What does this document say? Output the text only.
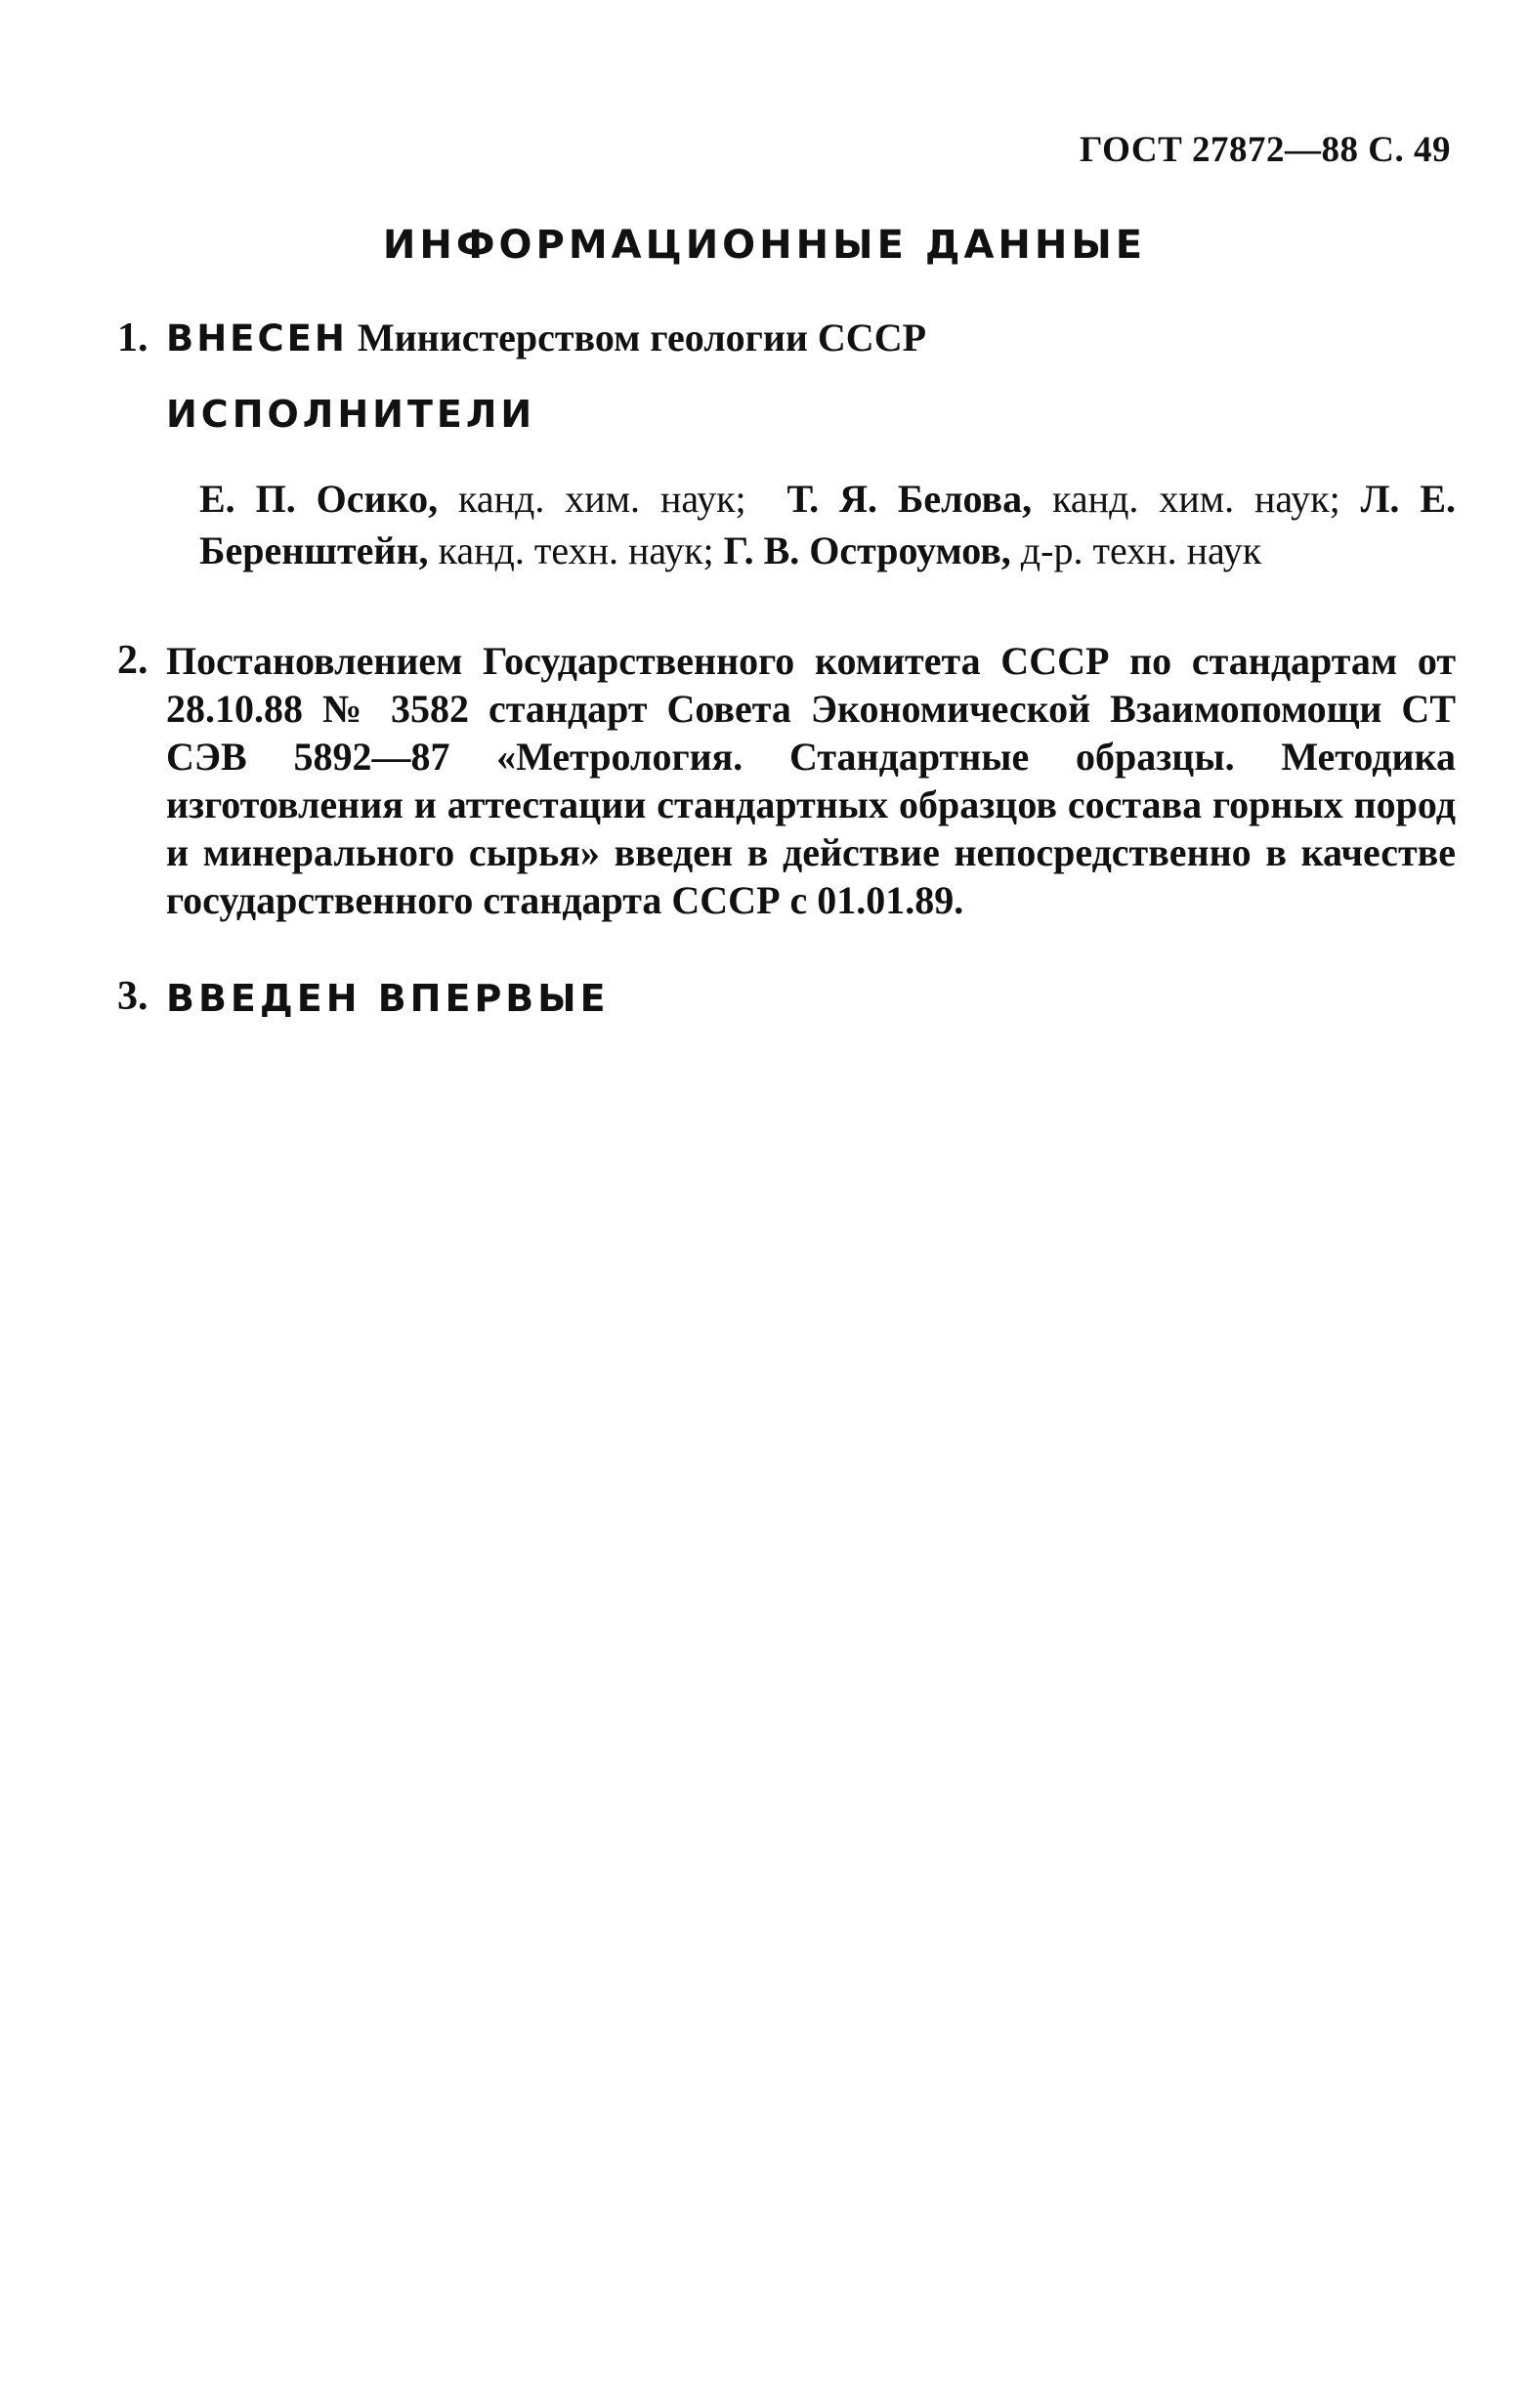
ГОСТ 27872—88 С. 49
ИНФОРМАЦИОННЫЕ ДАННЫЕ
1. ВНЕСЕН Министерством геологии СССР
ИСПОЛНИТЕЛИ
Е. П. Осико, канд. хим. наук; Т. Я. Белова, канд. хим. наук; Л. Е. Беренштейн, канд. техн. наук; Г. В. Остроумов, д-р. техн. наук
2. Постановлением Государственного комитета СССР по стандартам от 28.10.88 № 3582 стандарт Совета Экономической Взаимопомощи СТ СЭВ 5892—87 «Метрология. Стандартные образцы. Методика изготовления и аттестации стандартных образцов состава горных пород и минерального сырья» введен в действие непосредственно в качестве государственного стандарта СССР с 01.01.89.
3. ВВЕДЕН ВПЕРВЫЕ
